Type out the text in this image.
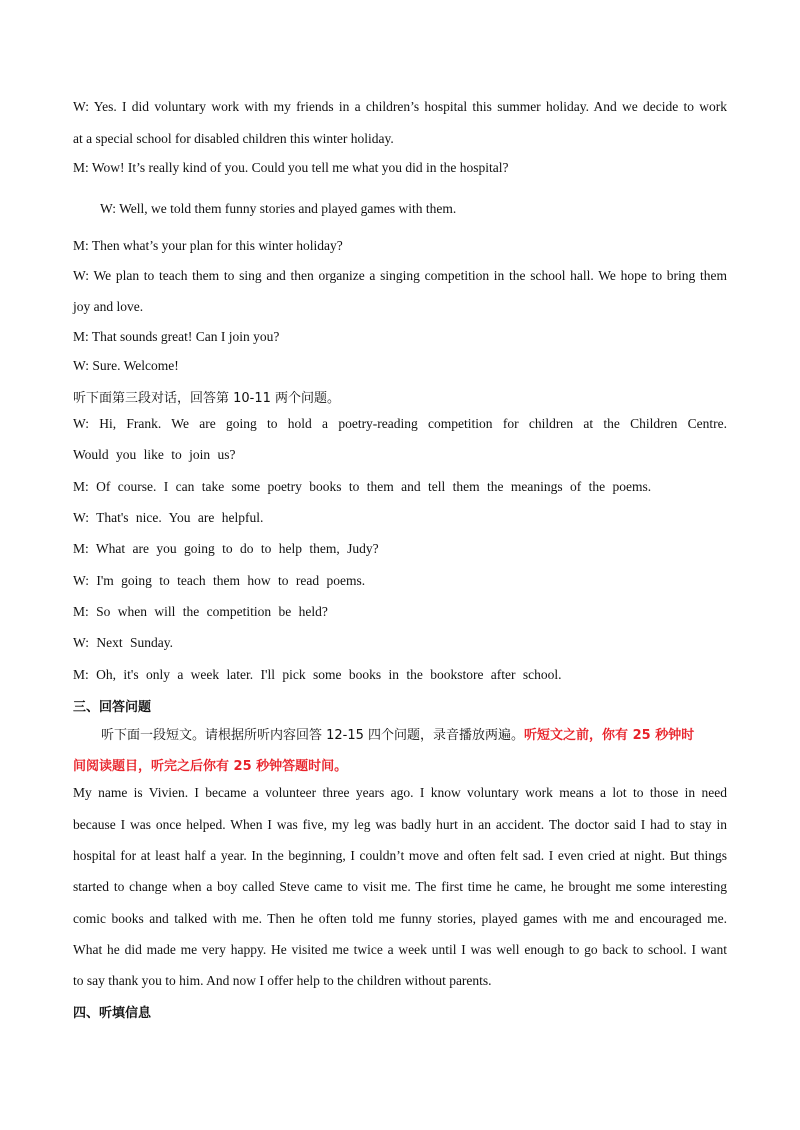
W: Yes. I did voluntary work with my friends in a children’s hospital this summer holiday. And we decide to work
at a special school for disabled children this winter holiday.
M: Wow! It’s really kind of you. Could you tell me what you did in the hospital?
W: Well, we told them funny stories and played games with them.
M: Then what’s your plan for this winter holiday?
W: We plan to teach them to sing and then organize a singing competition in the school hall. We hope to bring them
joy and love.
M: That sounds great! Can I join you?
W: Sure. Welcome!
听下面第三段对话，回答第 10-11 两个问题。
W: Hi, Frank. We are going to hold a poetry-reading competition for children at the Children Centre.
Would you like to join us?
M: Of course. I can take some poetry books to them and tell them the meanings of the poems.
W: That's nice. You are helpful.
M: What are you going to do to help them, Judy?
W: I'm going to teach them how to read poems.
M: So when will the competition be held?
W: Next Sunday.
M: Oh, it's only a week later. I'll pick some books in the bookstore after school.
三、回答问题
听下面一段短文。请根据所听内容回答 12-15 四个问题，录音播放两遍。听短文之前，你有 25 秒钟时
间阅读题目，听完之后你有 25 秒钟答题时间。
My name is Vivien. I became a volunteer three years ago. I know voluntary work means a lot to those in need
because I was once helped. When I was five, my leg was badly hurt in an accident. The doctor said I had to stay in
hospital for at least half a year. In the beginning, I couldn’t move and often felt sad. I even cried at night. But things
started to change when a boy called Steve came to visit me. The first time he came, he brought me some interesting
comic books and talked with me. Then he often told me funny stories, played games with me and encouraged me.
What he did made me very happy. He visited me twice a week until I was well enough to go back to school. I want
to say thank you to him. And now I offer help to the children without parents.
四、听填信息
